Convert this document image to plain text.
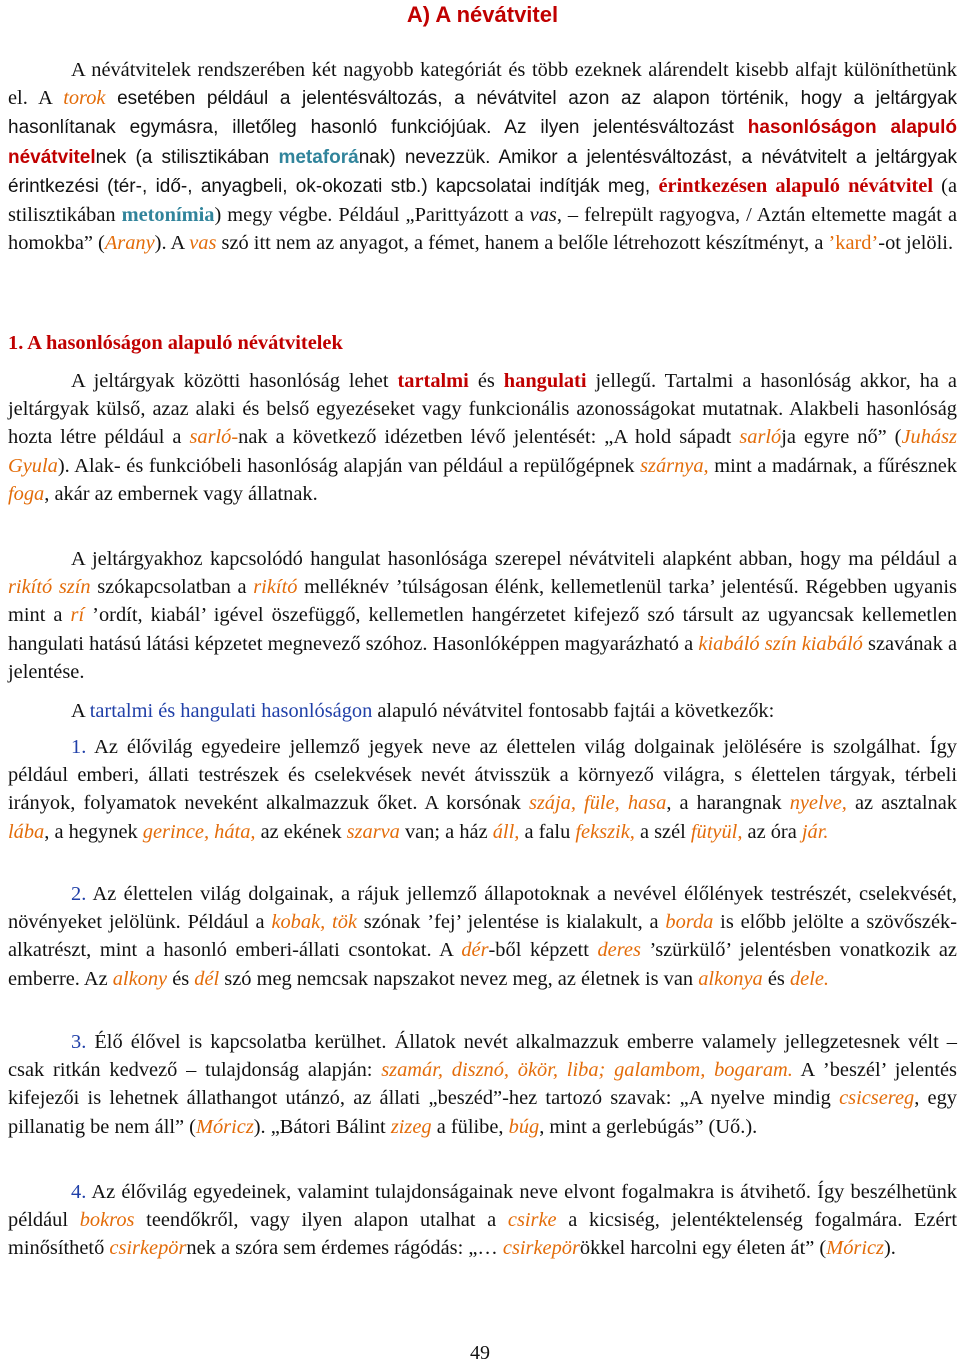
A) A névátvitel

A névátvitelek rendszerében két nagyobb kategóriát és több ezeknek alárendelt kisebb alfajt különíthetünk el. A torok esetében például a jelentésváltozás, a névátvitel azon az alapon történik, hogy a jeltárgyak hasonlítanak egymásra, illetőleg hasonló funkciójúak. Az ilyen jelentésváltozást hasonlóságon alapuló névátvitelnek (a stilisztikában metaforának) nevezzük. Amikor a jelentésváltozást, a névátvitelt a jeltárgyak érintkezési (tér-, idő-, anyagbeli, ok-okozati stb.) kapcsolatai indítják meg, érintkezésen alapuló névátvitel (a stilisztikában metonímia) megy végbe. Például „Parittyázott a vas, – felrepült ragyogva, / Aztán eltemette magát a homokba” (Arany). A vas szó itt nem az anyagot, a fémet, hanem a belőle létrehozott készítményt, a ’kard’-ot jelöli.

1. A hasonlóságon alapuló névátvitelek

A jeltárgyak közötti hasonlóság lehet tartalmi és hangulati jellegű. Tartalmi a hasonlóság akkor, ha a jeltárgyak külső, azaz alaki és belső egyezéseket vagy funkcionális azonosságokat mutatnak. Alakbeli hasonlóság hozta létre például a sarló-nak a következő idézetben lévő jelentését: „A hold sápadt sarlója egyre nő” (Juhász Gyula). Alak- és funkcióbeli hasonlóság alapján van például a repülőgépnek szárnya, mint a madárnak, a fűrésznek foga, akár az embernek vagy állatnak.

A jeltárgyakhoz kapcsolódó hangulat hasonlósága szerepel névátviteli alapként abban, hogy ma például a rikító szín szókapcsolatban a rikító melléknév ’túlságosan élénk, kellemetlenül tarka’ jelentésű. Régebben ugyanis mint a rí ’ordít, kiabál’ igével öszefüggő, kellemetlen hangérzetet kifejező szó társult az ugyancsak kellemetlen hangulati hatású látási képzetet megnevező szóhoz. Hasonlóképpen magyarázható a kiabáló szín kiabáló szavának a jelentése.

A tartalmi és hangulati hasonlóságon alapuló névátvitel fontosabb fajtái a következők:

1. Az élővilág egyedeire jellemző jegyek neve az élettelen világ dolgainak jelölésére is szolgálhat. Így például emberi, állati testrészek és cselekvések nevét átvisszük a környező világra, s élettelen tárgyak, térbeli irányok, folyamatok neveként alkalmazzuk őket. A korsónak szája, füle, hasa, a harangnak nyelve, az asztalnak lába, a hegynek gerince, háta, az ekének szarva van; a ház áll, a falu fekszik, a szél fütyül, az óra jár.

2. Az élettelen világ dolgainak, a rájuk jellemző állapotoknak a nevével élőlények testrészét, cselekvését, növényeket jelölünk. Például a kobak, tök szónak ’fej’ jelentése is kialakult, a borda is előbb jelölte a szövőszék-alkatrészt, mint a hasonló emberi-állati csontokat. A dér-ből képzett deres ’szürkülő’ jelentésben vonatkozik az emberre. Az alkony és dél szó meg nemcsak napszakot nevez meg, az életnek is van alkonya és dele.

3. Élő élővel is kapcsolatba kerülhet. Állatok nevét alkalmazzuk emberre valamely jellegzetesnek vélt – csak ritkán kedvező – tulajdonság alapján: szamár, disznó, ökör, liba; galambom, bogaram. A ’beszél’ jelentés kifejezői is lehetnek állathangot utánzó, az állati „beszéd”-hez tartozó szavak: „A nyelve mindig csicsereg, egy pillanatig be nem áll” (Móricz). „Bátori Bálint zizeg a fülibe, búg, mint a gerlebúgás” (Uő.).

4. Az élővilág egyedeinek, valamint tulajdonságainak neve elvont fogalmakra is átvihető. Így beszélhetünk például bokros teendőkről, vagy ilyen alapon utalhat a csirke a kicsiség, jelentéktelenség fogalmára. Ezért minősíthető csirkepörnek a szóra sem érdemes rágódás: „… csirkepörökkel harcolni egy életen át” (Móricz).

49
